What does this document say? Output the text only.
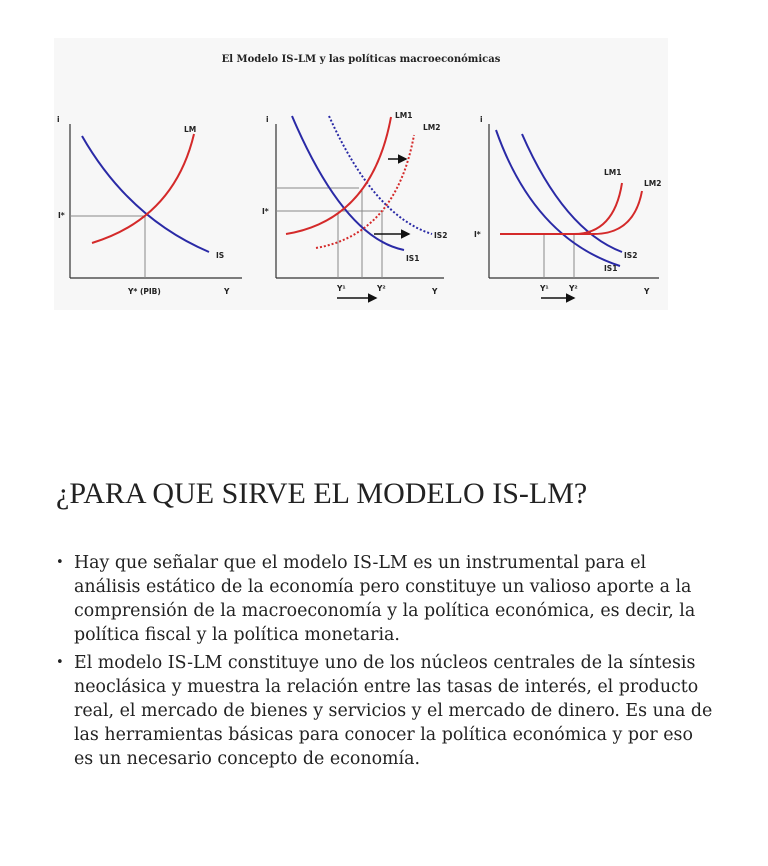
El Modelo IS-LM y las políticas macroeconómicas
i
Y
LM
IS
I*
Y* (PIB)
i
Y
LM1
LM2
IS2
IS1
I*
Y¹	Y²
i
Y
LM1
LM2
IS2
IS1
I*
Y¹	Y²
¿PARA QUE SIRVE EL MODELO IS-LM?
• Hay que señalar que el modelo IS-LM es un instrumental para el análisis estático de la economía pero constituye un valioso aporte a la comprensión de la macroeconomía y la política económica, es decir, la política fiscal y la política monetaria.
• El modelo IS-LM constituye uno de los núcleos centrales de la síntesis neoclásica y muestra la relación entre las tasas de interés, el producto real, el mercado de bienes y servicios y el mercado de dinero. Es una de las herramientas básicas para conocer la política económica y por eso es un necesario concepto de economía.
